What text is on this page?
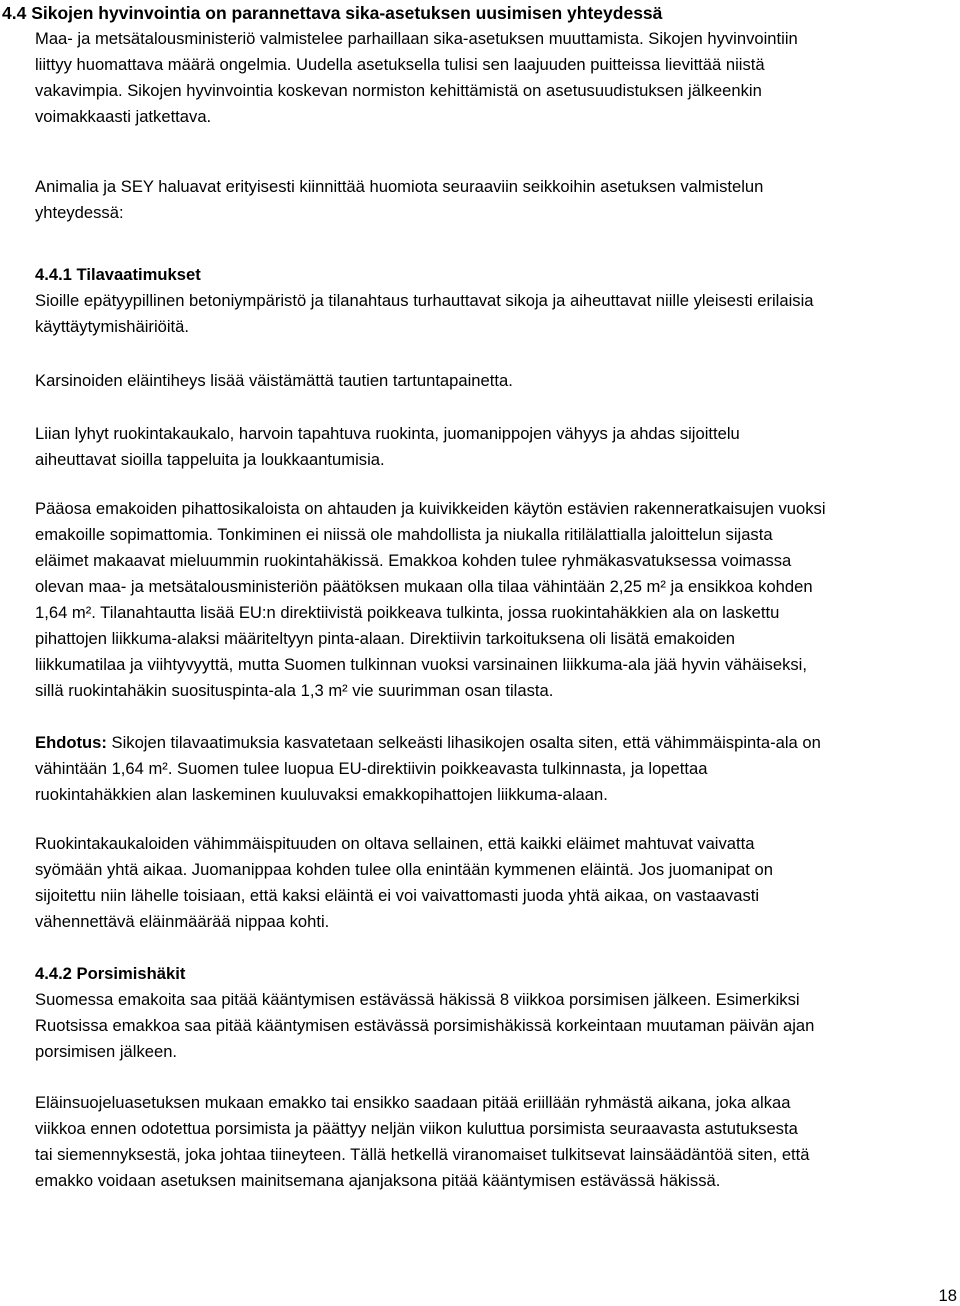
4.4 Sikojen hyvinvointia on parannettava sika-asetuksen uusimisen yhteydessä

Maa- ja metsätalousministeriö valmistelee parhaillaan sika-asetuksen muuttamista. Sikojen hyvinvointiin
liittyy huomattava määrä ongelmia. Uudella asetuksella tulisi sen laajuuden puitteissa lievittää niistä
vakavimpia. Sikojen hyvinvointia koskevan normiston kehittämistä on asetusuudistuksen jälkeenkin
voimakkaasti jatkettava.

Animalia ja SEY haluavat erityisesti kiinnittää huomiota seuraaviin seikkoihin asetuksen valmistelun
yhteydessä:

4.4.1 Tilavaatimukset
Sioille epätyypillinen betoniympäristö ja tilanahtaus turhauttavat sikoja ja aiheuttavat niille yleisesti erilaisia
käyttäytymishäiriöitä.

Karsinoiden eläintiheys lisää väistämättä tautien tartuntapainetta.

Liian lyhyt ruokintakaukalo, harvoin tapahtuva ruokinta, juomanippojen vähyys ja ahdas sijoittelu
aiheuttavat sioilla tappeluita ja loukkaantumisia.

Pääosa emakoiden pihattosikaloista on ahtauden ja kuivikkeiden käytön estävien rakenneratkaisujen vuoksi
emakoille sopimattomia. Tonkiminen ei niissä ole mahdollista ja niukalla ritilälattialla jaloittelun sijasta
eläimet makaavat mieluummin ruokintahäkissä. Emakkoa kohden tulee ryhmäkasvatuksessa voimassa
olevan maa- ja metsätalousministeriön päätöksen mukaan olla tilaa vähintään 2,25 m² ja ensikkoa kohden
1,64 m². Tilanahtautta lisää EU:n direktiivistä poikkeava tulkinta, jossa ruokintahäkkien ala on laskettu
pihattojen liikkuma-alaksi määriteltyyn pinta-alaan. Direktiivin tarkoituksena oli lisätä emakoiden
liikkumatilaa ja viihtyvyyttä, mutta Suomen tulkinnan vuoksi varsinainen liikkuma-ala jää hyvin vähäiseksi,
sillä ruokintahäkin suosituspinta-ala 1,3 m² vie suurimman osan tilasta.

Ehdotus: Sikojen tilavaatimuksia kasvatetaan selkeästi lihasikojen osalta siten, että vähimmäispinta-ala on
vähintään 1,64 m². Suomen tulee luopua EU-direktiivin poikkeavasta tulkinnasta, ja lopettaa
ruokintahäkkien alan laskeminen kuuluvaksi emakkopihattojen liikkuma-alaan.

Ruokintakaukaloiden vähimmäispituuden on oltava sellainen, että kaikki eläimet mahtuvat vaivatta
syömään yhtä aikaa. Juomanippaa kohden tulee olla enintään kymmenen eläintä. Jos juomanipat on
sijoitettu niin lähelle toisiaan, että kaksi eläintä ei voi vaivattomasti juoda yhtä aikaa, on vastaavasti
vähennettävä eläinmäärää nippaa kohti.

4.4.2 Porsimishäkit
Suomessa emakoita saa pitää kääntymisen estävässä häkissä 8 viikkoa porsimisen jälkeen. Esimerkiksi
Ruotsissa emakkoa saa pitää kääntymisen estävässä porsimishäkissä korkeintaan muutaman päivän ajan
porsimisen jälkeen.

Eläinsuojeluasetuksen mukaan emakko tai ensikko saadaan pitää eriillään ryhmästä aikana, joka alkaa
viikkoa ennen odotettua porsimista ja päättyy neljän viikon kuluttua porsimista seuraavasta astutuksesta
tai siemennyksestä, joka johtaa tiineyteen. Tällä hetkellä viranomaiset tulkitsevat lainsäädäntöä siten, että
emakko voidaan asetuksen mainitsemana ajanjaksona pitää kääntymisen estävässä häkissä.

18
